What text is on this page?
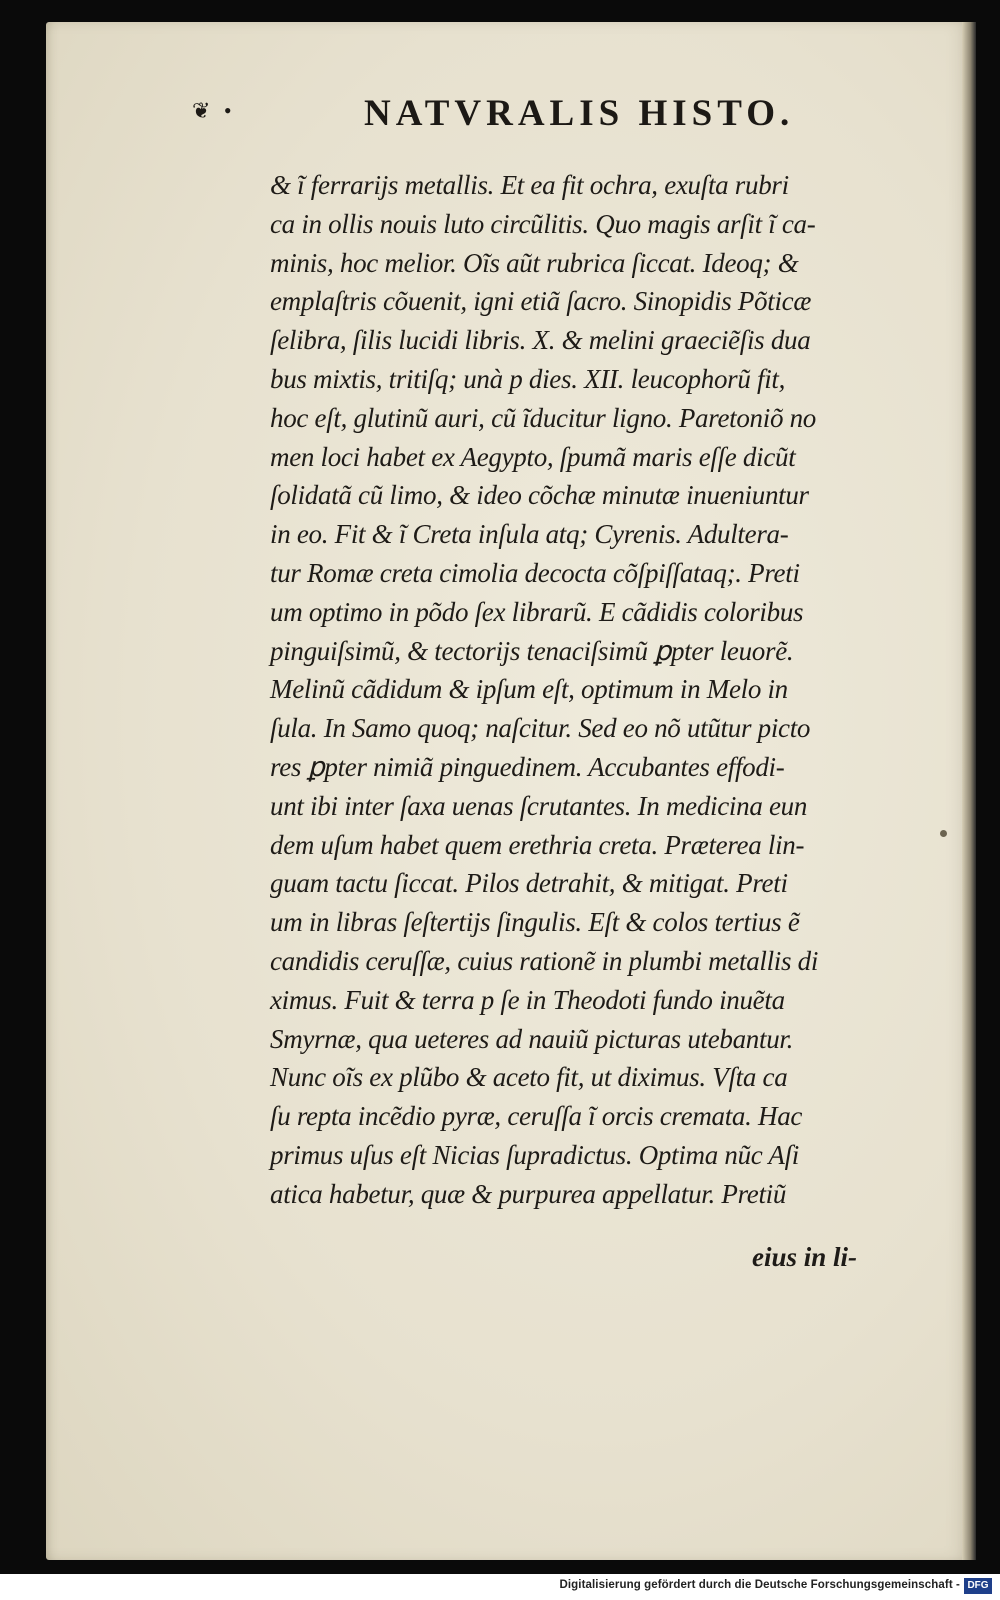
❦ •	NATVRALIS HISTO.
& ĩ ferrarijs metallis. Et ea fit ochra, exuſta rubri
ca in ollis nouis luto circũlitis. Quo magis arſit ĩ ca-
minis, hoc melior. Oĩs aũt rubrica ſiccat. Ideoq; &
emplaſtris cõuenit, igni etiã ſacro. Sinopidis Põticæ
ſelibra, ſilis lucidi libris. X. & melini graeciẽſis dua
bus mixtis, tritiſq; unà p dies. XII. leucophorũ fit,
hoc eſt, glutinũ auri, cũ ĩducitur ligno. Paretoniõ no
men loci habet ex Aegypto, ſpumã maris eſſe dicũt
ſolidatã cũ limo, & ideo cõchæ minutæ inueniuntur
in eo. Fit & ĩ Creta inſula atq; Cyrenis. Adultera-
tur Romæ creta cimolia decocta cõſpiſſataq;. Preti
um optimo in põdo ſex librarũ. E cãdidis coloribus
pinguiſsimũ, & tectorijs tenaciſsimũ ꝑpter leuorẽ.
Melinũ cãdidum & ipſum eſt, optimum in Melo in
ſula. In Samo quoq; naſcitur. Sed eo nõ utũtur picto
res ꝑpter nimiã pinguedinem. Accubantes effodi-
unt ibi inter ſaxa uenas ſcrutantes. In medicina eun
dem uſum habet quem erethria creta. Præterea lin-
guam tactu ſiccat. Pilos detrahit, & mitigat. Preti
um in libras ſeſtertijs ſingulis. Eſt & colos tertius ẽ
candidis ceruſſæ, cuius rationẽ in plumbi metallis di
ximus. Fuit & terra p ſe in Theodoti fundo inuẽta
Smyrnæ, qua ueteres ad nauiũ picturas utebantur.
Nunc oĩs ex plũbo & aceto fit, ut diximus. Vſta ca
ſu repta incẽdio pyræ, ceruſſa ĩ orcis cremata. Hac
primus uſus eſt Nicias ſupradictus. Optima nũc Aſi
atica habetur, quæ & purpurea appellatur. Pretiũ
eius in li-
Digitalisierung gefördert durch die Deutsche Forschungsgemeinschaft - DFG
